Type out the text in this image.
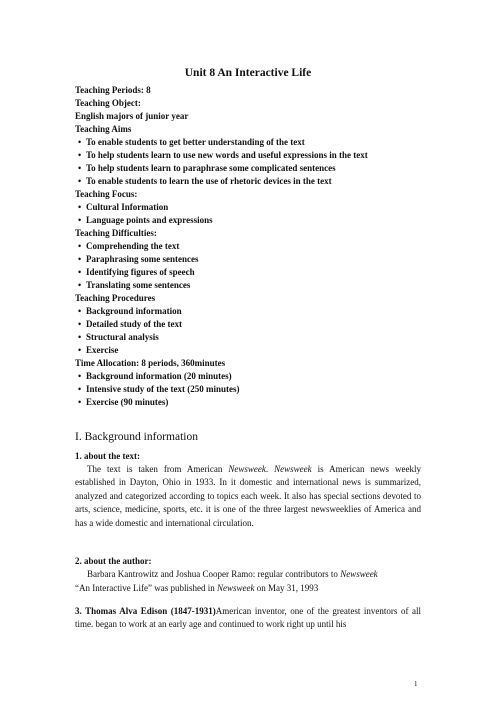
Unit 8 An Interactive Life
Teaching Periods: 8
Teaching Object:
English majors of junior year
Teaching Aims
• To enable students to get better understanding of the text
• To help students learn to use new words and useful expressions in the text
• To help students learn to paraphrase some complicated sentences
• To enable students to learn the use of rhetoric devices in the text
Teaching Focus:
• Cultural Information
• Language points and expressions
Teaching Difficulties:
• Comprehending the text
• Paraphrasing some sentences
• Identifying figures of speech
• Translating some sentences
Teaching Procedures
• Background information
• Detailed study of the text
• Structural analysis
• Exercise
Time Allocation: 8 periods, 360minutes
• Background information (20 minutes)
• Intensive study of the text (250 minutes)
• Exercise (90 minutes)
I. Background information
1. about the text:
The text is taken from American Newsweek. Newsweek is American news weekly established in Dayton, Ohio in 1933. In it domestic and international news is summarized, analyzed and categorized according to topics each week. It also has special sections devoted to arts, science, medicine, sports, etc. it is one of the three largest newsweeklies of America and has a wide domestic and international circulation.
2. about the author:
Barbara Kantrowitz and Joshua Cooper Ramo: regular contributors to Newsweek
“An Interactive Life” was published in Newsweek on May 31, 1993
3. Thomas Alva Edison (1847-1931)American inventor, one of the greatest inventors of all time. began to work at an early age and continued to work right up until his
1
